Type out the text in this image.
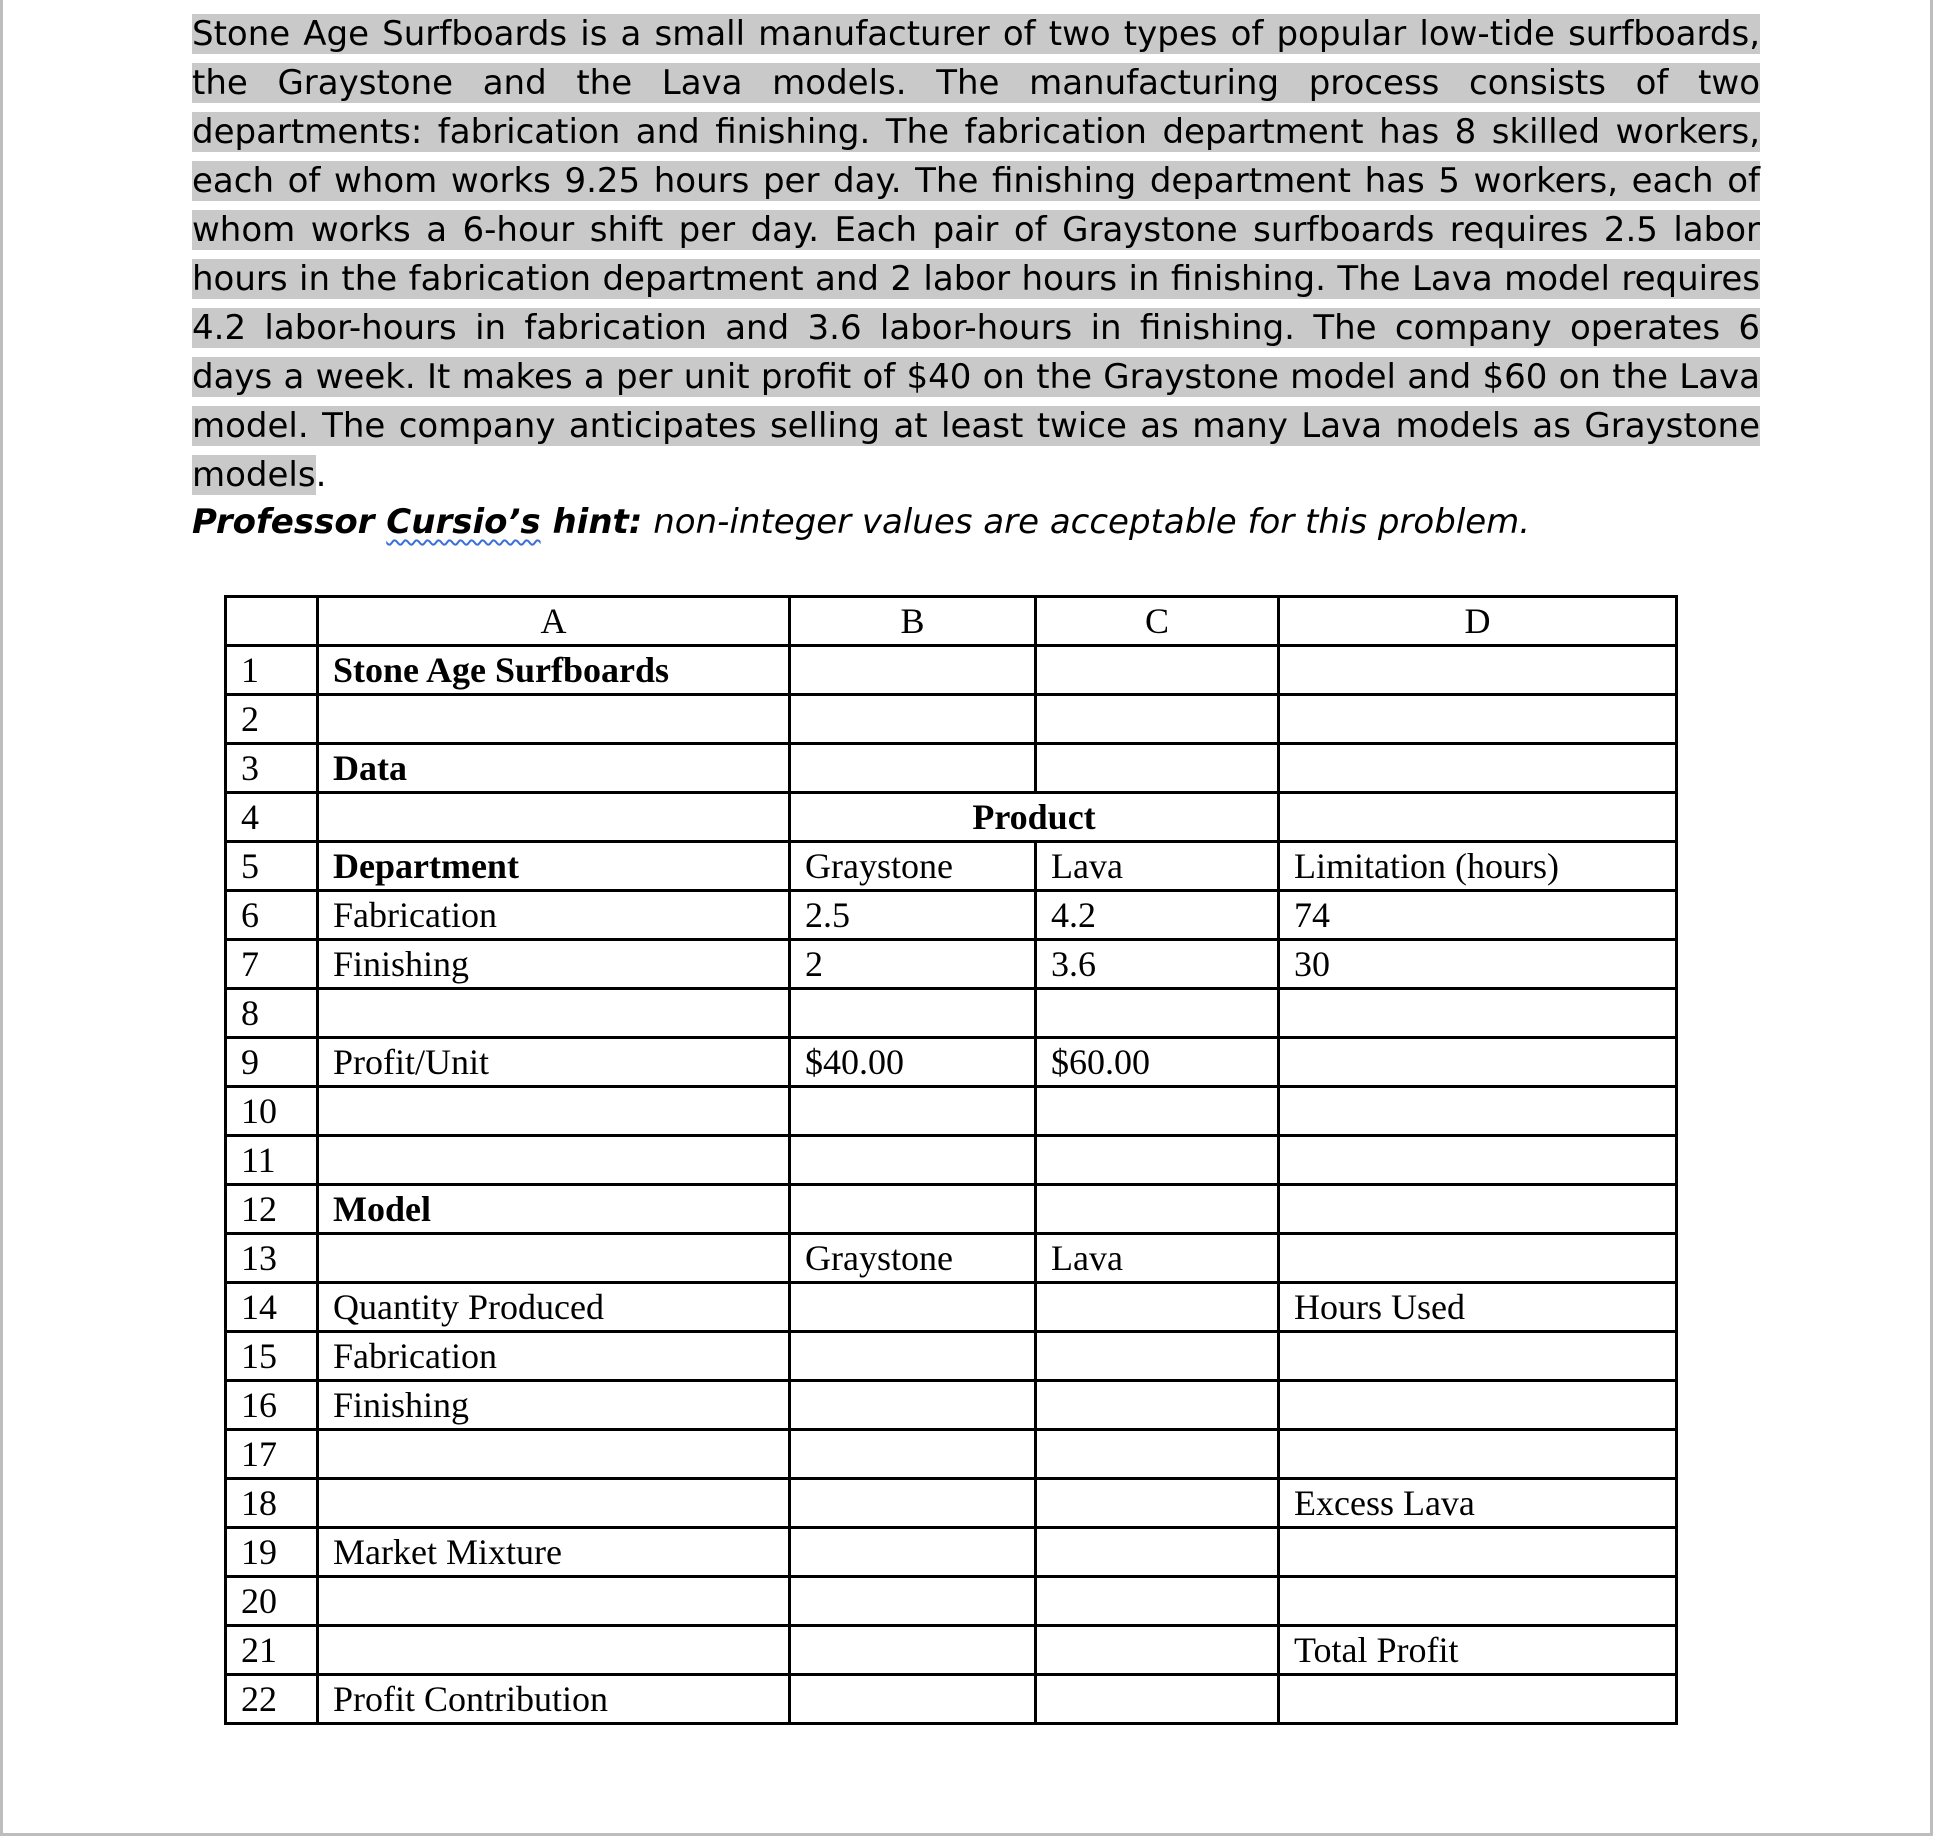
Stone Age Surfboards is a small manufacturer of two types of popular low-tide surfboards, the Graystone and the Lava models. The manufacturing process consists of two departments: fabrication and finishing. The fabrication department has 8 skilled workers, each of whom works 9.25 hours per day. The finishing department has 5 workers, each of whom works a 6-hour shift per day. Each pair of Graystone surfboards requires 2.5 labor hours in the fabrication department and 2 labor hours in finishing. The Lava model requires 4.2 labor-hours in fabrication and 3.6 labor-hours in finishing. The company operates 6 days a week. It makes a per unit profit of $40 on the Graystone model and $60 on the Lava model. The company anticipates selling at least twice as many Lava models as Graystone models.

Professor Cursio’s hint: non-integer values are acceptable for this problem.

	A	B	C	D
1	Stone Age Surfboards			
2				
3	Data			
4		Product		
5	Department	Graystone	Lava	Limitation (hours)
6	Fabrication	2.5	4.2	74
7	Finishing	2	3.6	30
8				
9	Profit/Unit	$40.00	$60.00	
10				
11				
12	Model			
13		Graystone	Lava	
14	Quantity Produced			Hours Used
15	Fabrication			
16	Finishing			
17				
18				Excess Lava
19	Market Mixture			
20				
21				Total Profit
22	Profit Contribution			
